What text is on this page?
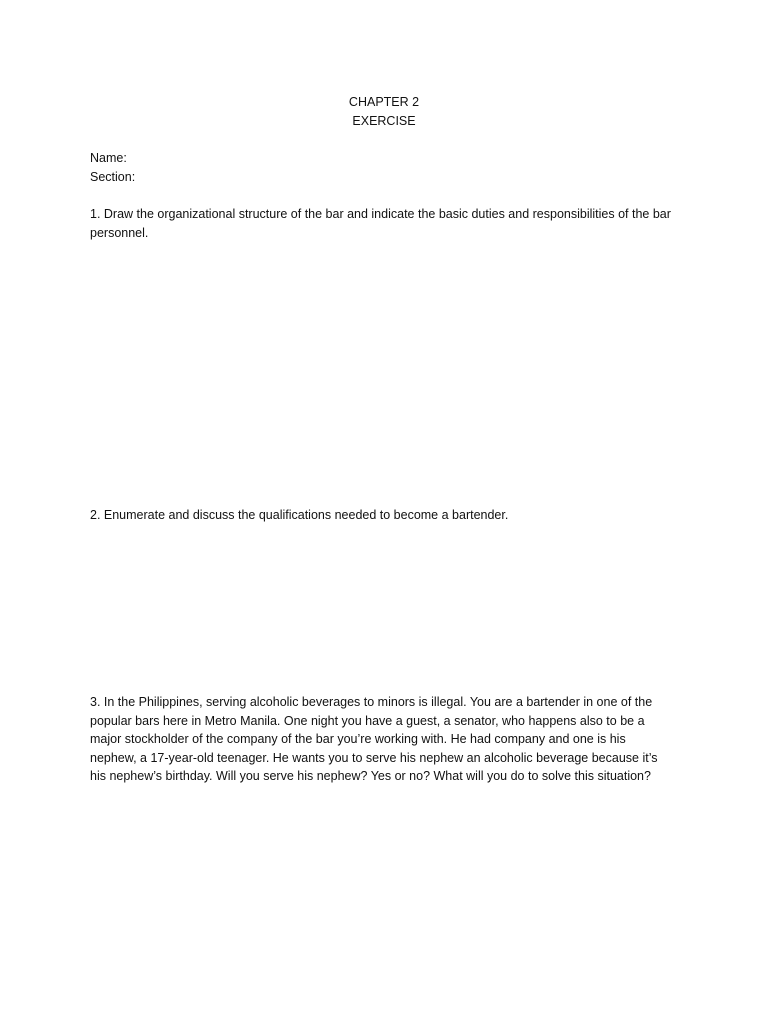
CHAPTER 2
EXERCISE
Name:
Section:

1. Draw the organizational structure of the bar and indicate the basic duties and responsibilities of the bar personnel.

2. Enumerate and discuss the qualifications needed to become a bartender.

3. In the Philippines, serving alcoholic beverages to minors is illegal. You are a bartender in one of the popular bars here in Metro Manila. One night you have a guest, a senator, who happens also to be a major stockholder of the company of the bar you’re working with. He had company and one is his nephew, a 17-year-old teenager. He wants you to serve his nephew an alcoholic beverage because it’s his nephew’s birthday. Will you serve his nephew? Yes or no? What will you do to solve this situation?
